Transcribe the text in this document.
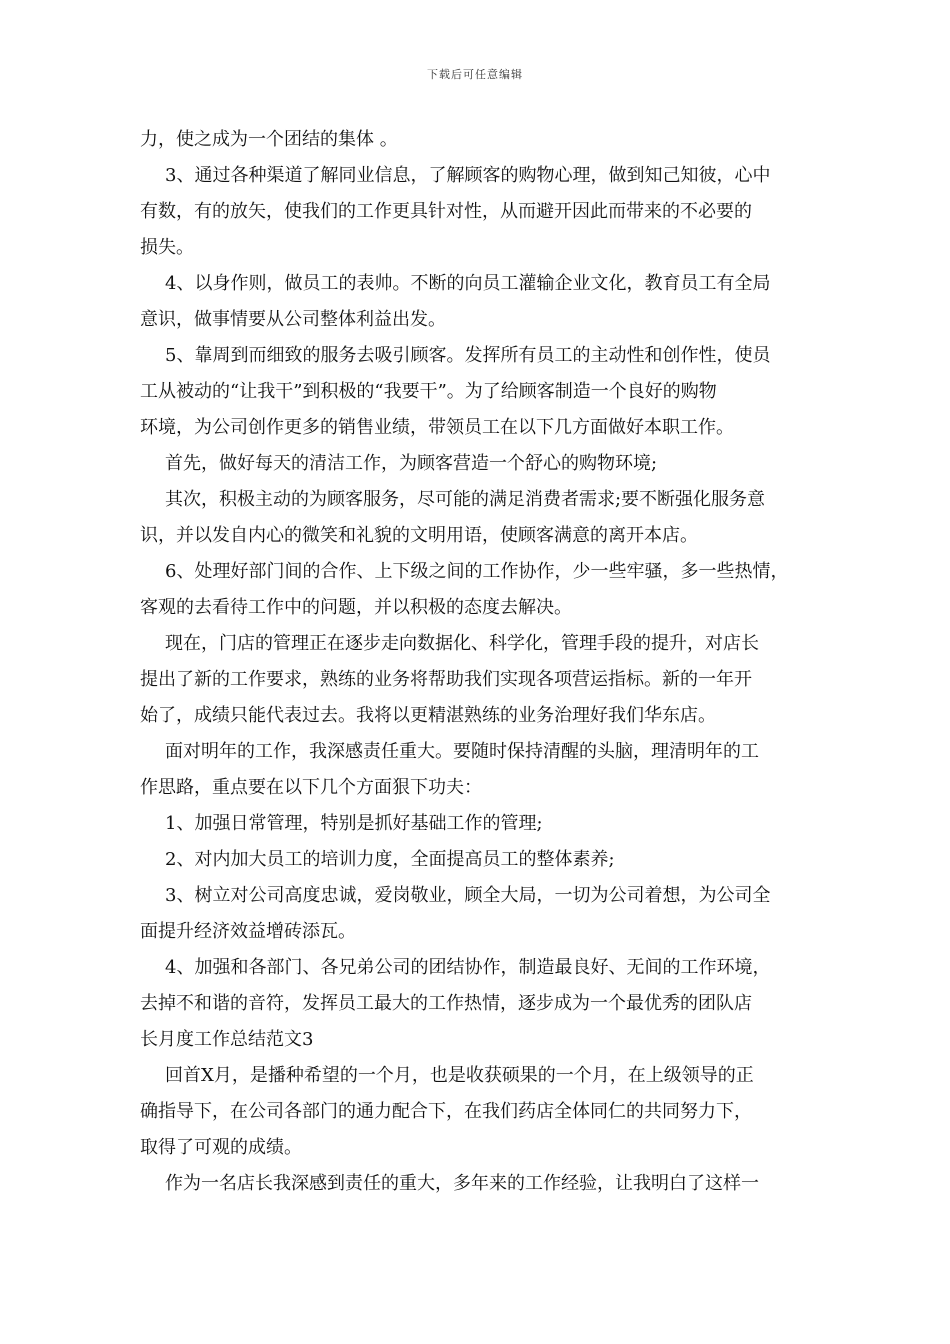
下载后可任意编辑
力，使之成为一个团结的集体 。
3、通过各种渠道了解同业信息，了解顾客的购物心理，做到知己知彼，心中
有数，有的放矢，使我们的工作更具针对性，从而避开因此而带来的不必要的
损失。
4、以身作则，做员工的表帅。不断的向员工灌输企业文化，教育员工有全局
意识，做事情要从公司整体利益出发。
5、靠周到而细致的服务去吸引顾客。发挥所有员工的主动性和创作性，使员
工从被动的“让我干”到积极的“我要干”。为了给顾客制造一个良好的购物
环境，为公司创作更多的销售业绩，带领员工在以下几方面做好本职工作。
首先，做好每天的清洁工作，为顾客营造一个舒心的购物环境;
其次，积极主动的为顾客服务，尽可能的满足消费者需求;要不断强化服务意
识，并以发自内心的微笑和礼貌的文明用语，使顾客满意的离开本店。
6、处理好部门间的合作、上下级之间的工作协作，少一些牢骚，多一些热情，
客观的去看待工作中的问题，并以积极的态度去解决。
现在，门店的管理正在逐步走向数据化、科学化，管理手段的提升，对店长
提出了新的工作要求，熟练的业务将帮助我们实现各项营运指标。新的一年开
始了，成绩只能代表过去。我将以更精湛熟练的业务治理好我们华东店。
面对明年的工作，我深感责任重大。要随时保持清醒的头脑，理清明年的工
作思路，重点要在以下几个方面狠下功夫：
1、加强日常管理，特别是抓好基础工作的管理;
2、对内加大员工的培训力度，全面提高员工的整体素养;
3、树立对公司高度忠诚，爱岗敬业，顾全大局，一切为公司着想，为公司全
面提升经济效益增砖添瓦。
4、加强和各部门、各兄弟公司的团结协作，制造最良好、无间的工作环境，
去掉不和谐的音符，发挥员工最大的工作热情，逐步成为一个最优秀的团队店
长月度工作总结范文3
回首X月，是播种希望的一个月，也是收获硕果的一个月，在上级领导的正
确指导下，在公司各部门的通力配合下，在我们药店全体同仁的共同努力下，
取得了可观的成绩。
作为一名店长我深感到责任的重大，多年来的工作经验，让我明白了这样一
